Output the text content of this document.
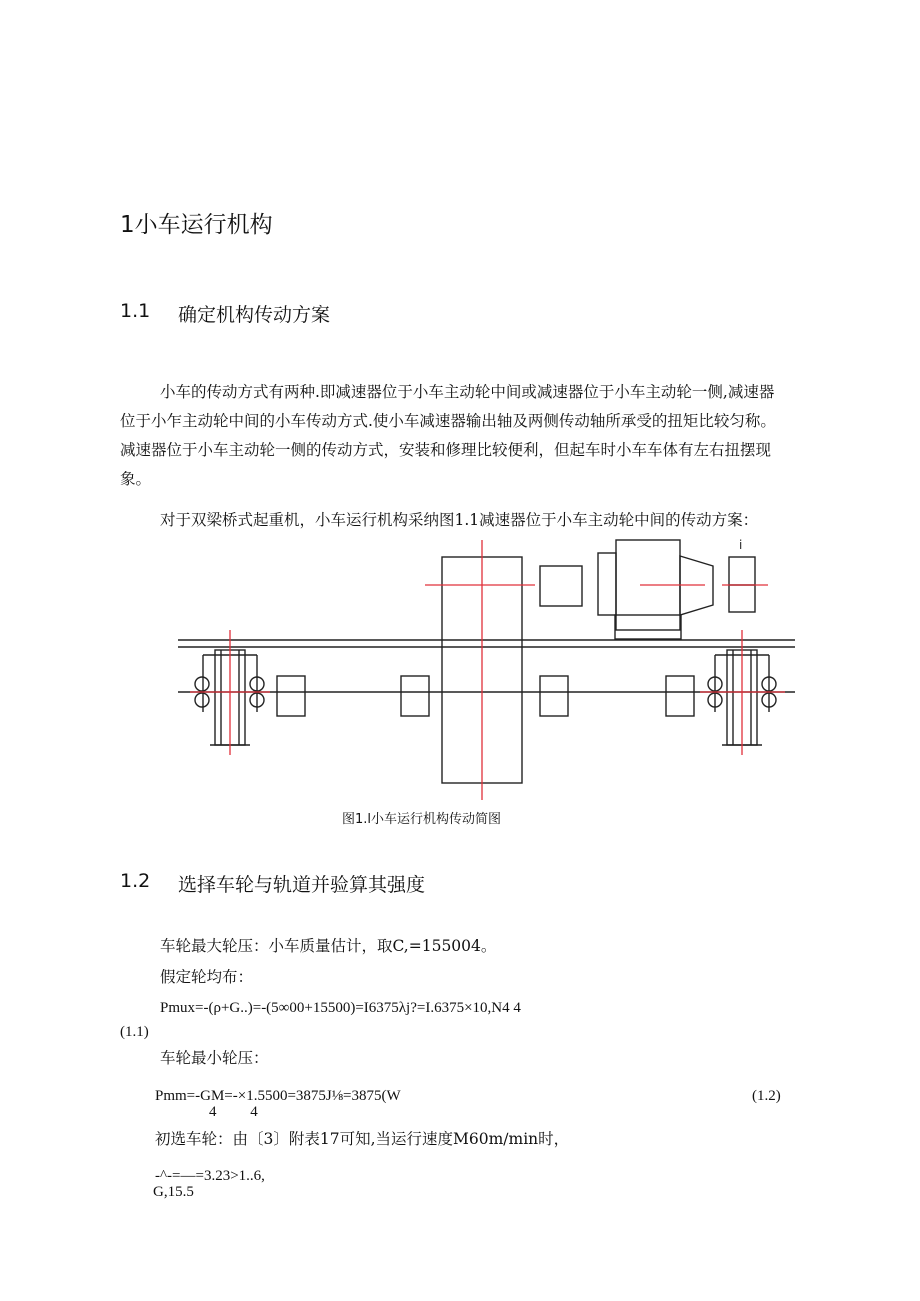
1小车运行机构
1.1 确定机构传动方案
小车的传动方式有两种.即减速器位于小车主动轮中间或减速器位于小车主动轮一侧,减速器
位于小乍主动轮中间的小车传动方式.使小车减速器输出轴及两侧传动轴所承受的扭矩比较匀称。
减速器位于小车主动轮一侧的传动方式，安装和修理比较便利，但起车时小车车体有左右扭摆现
象。
对于双梁桥式起重机，小车运行机构采纳图1.1减速器位于小车主动轮中间的传动方案：
i
图1.l小车运行机构传动简图
1.2 选择车轮与轨道并验算其强度
车轮最大轮压：小车质量估计，取C,=155004。
假定轮均布：
Pmux=-(ρ+G..)=-(5∞00+15500)=I6375λj?=I.6375×10,N4 4
(1.1)
车轮最小轮压：
Pmm=-GM=-×1.5500=3875J⅛=3875(W
4         4
(1.2)
初选车轮：由〔3〕附表17可知,当运行速度M60m∕min时，
-^-=—=3.23>1..6,
G,15.5
